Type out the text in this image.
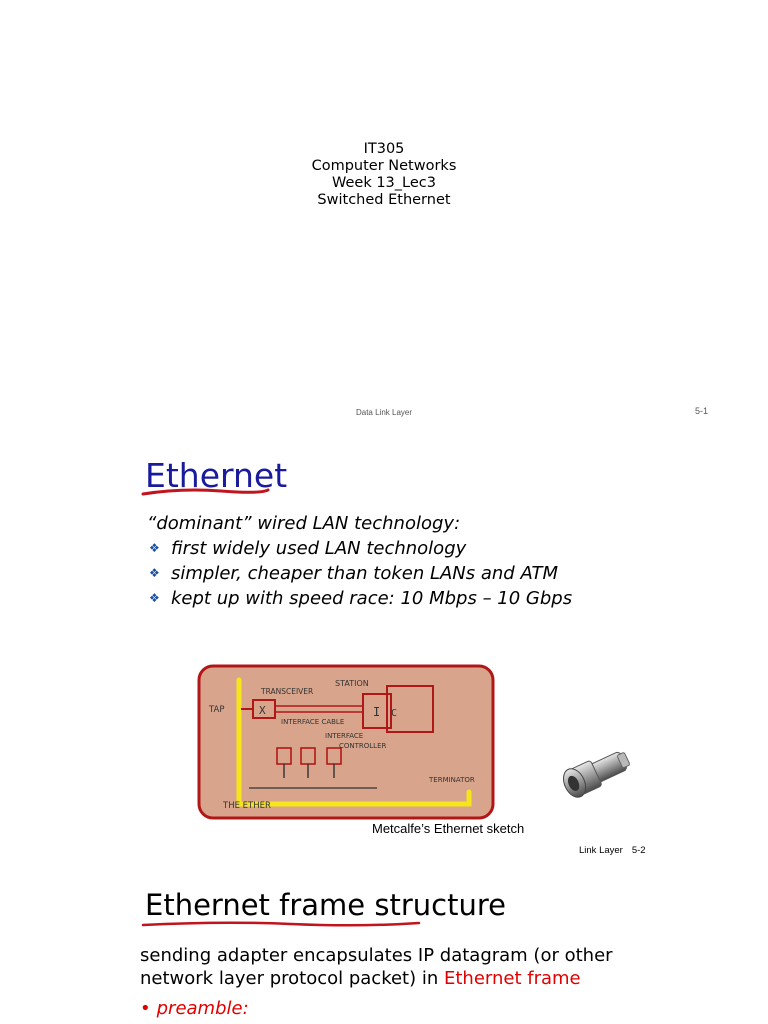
IT305
Computer Networks
Week 13_Lec3
Switched Ethernet
Data Link Layer	5-1
Ethernet
“dominant” wired LAN technology:
❖ first widely used LAN technology
❖ simpler, cheaper than token LANs and ATM
❖ kept up with speed race: 10 Mbps – 10 Gbps
I C
X
STATION
TRANSCEIVER
TAP
INTERFACE CABLE
INTERFACE
CONTROLLER
TERMINATOR
THE ETHER
Metcalfe’s Ethernet sketch
Link Layer 5-2
Ethernet frame structure
sending adapter encapsulates IP datagram (or other network layer protocol packet) in Ethernet frame
• preamble:
